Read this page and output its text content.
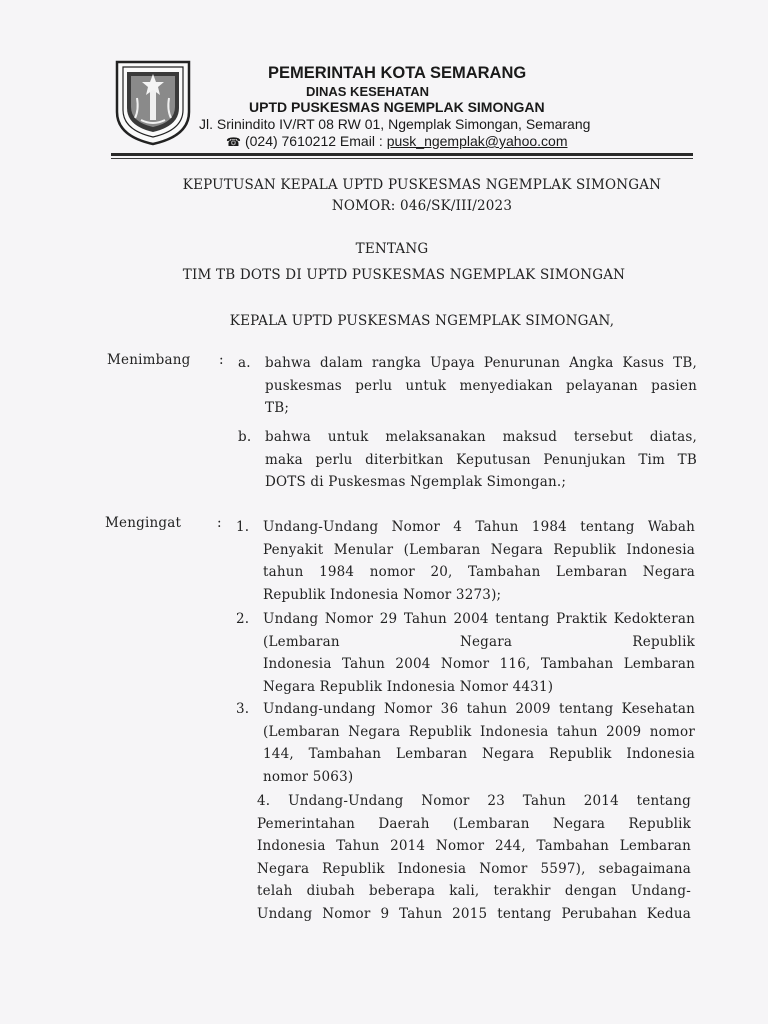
PEMERINTAH KOTA SEMARANG
DINAS KESEHATAN
UPTD PUSKESMAS NGEMPLAK SIMONGAN
Jl. Srinindito IV/RT 08 RW 01, Ngemplak Simongan, Semarang
☎ (024) 7610212 Email : pusk_ngemplak@yahoo.com
KEPUTUSAN KEPALA UPTD PUSKESMAS NGEMPLAK SIMONGAN
NOMOR: 046/SK/III/2023
TENTANG
TIM TB DOTS DI UPTD PUSKESMAS NGEMPLAK SIMONGAN
KEPALA UPTD PUSKESMAS NGEMPLAK SIMONGAN,
Menimbang : a. bahwa dalam rangka Upaya Penurunan Angka Kasus TB,
puskesmas perlu untuk menyediakan pelayanan pasien
TB;
b. bahwa untuk melaksanakan maksud tersebut diatas,
maka perlu diterbitkan Keputusan Penunjukan Tim TB
DOTS di Puskesmas Ngemplak Simongan.;
Mengingat	: 1. Undang-Undang Nomor 4 Tahun 1984 tentang Wabah
Penyakit Menular (Lembaran Negara Republik Indonesia
tahun 1984 nomor 20, Tambahan Lembaran Negara
Republik Indonesia Nomor 3273);
2. Undang Nomor 29 Tahun 2004 tentang Praktik Kedokteran
(Lembaran	Negara	Republik
Indonesia Tahun 2004 Nomor 116, Tambahan Lembaran
Negara Republik Indonesia Nomor 4431)
3. Undang-undang Nomor 36 tahun 2009 tentang Kesehatan
(Lembaran Negara Republik Indonesia tahun 2009 nomor
144, Tambahan Lembaran Negara Republik Indonesia
nomor 5063)
4. Undang-Undang Nomor 23 Tahun 2014 tentang
Pemerintahan Daerah (Lembaran Negara Republik
Indonesia Tahun 2014 Nomor 244, Tambahan Lembaran
Negara Republik Indonesia Nomor 5597), sebagaimana
telah diubah beberapa kali, terakhir dengan Undang-
Undang Nomor 9 Tahun 2015 tentang Perubahan Kedua
